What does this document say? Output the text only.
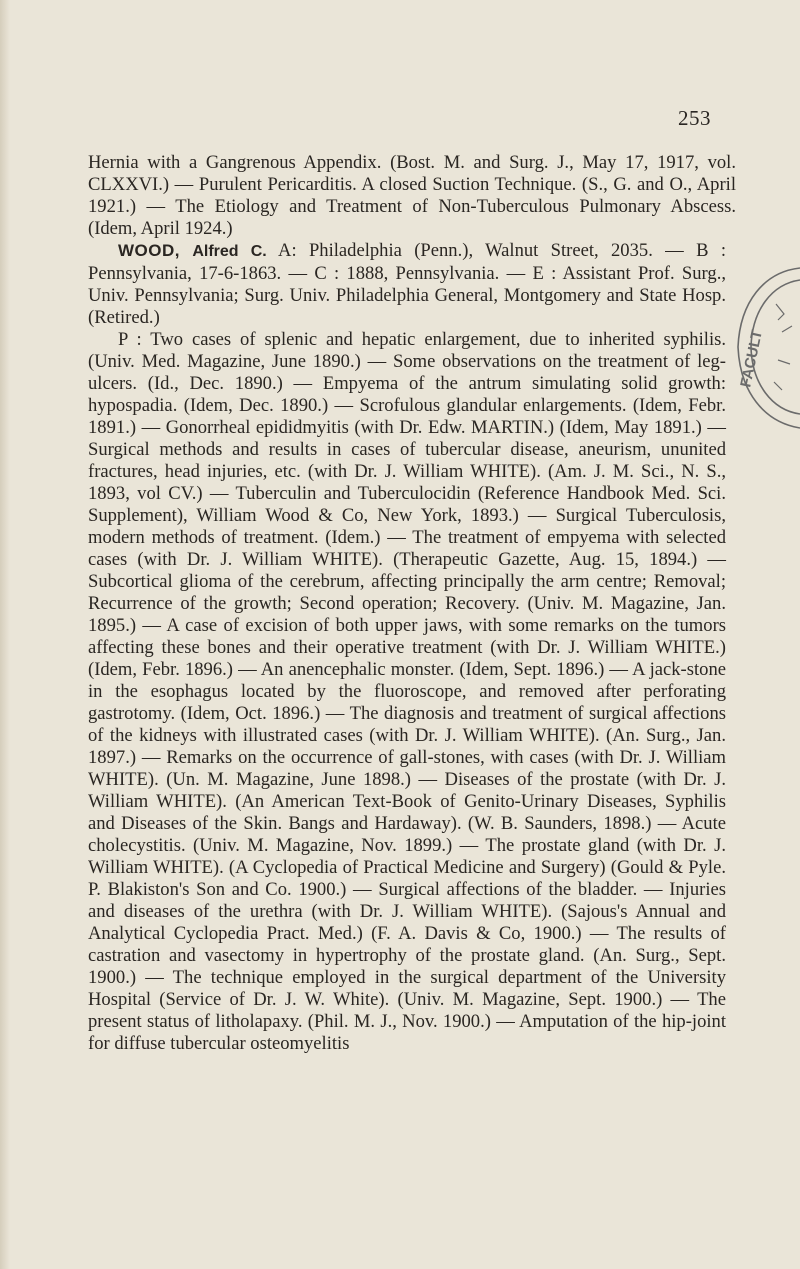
253

Hernia with a Gangrenous Appendix. (Bost. M. and Surg. J., May 17, 1917, vol. CLXXVI.) — Purulent Pericarditis. A closed Suction Technique. (S., G. and O., April 1921.) — The Etiology and Treatment of Non-Tuberculous Pulmonary Abscess. (Idem, April 1924.)

WOOD, Alfred C. A: Philadelphia (Penn.), Walnut Street, 2035. — B : Pennsylvania, 17-6-1863. — C : 1888, Pennsylvania. — E : Assistant Prof. Surg., Univ. Pennsylvania; Surg. Univ. Philadelphia General, Montgomery and State Hosp. (Retired.)

P : Two cases of splenic and hepatic enlargement, due to inherited syphilis. (Univ. Med. Magazine, June 1890.) — Some observations on the treatment of leg-ulcers. (Id., Dec. 1890.) — Empyema of the antrum simulating solid growth: hypospadia. (Idem, Dec. 1890.) — Scrofulous glandular enlargements. (Idem, Febr. 1891.) — Gonorrheal epididmyitis (with Dr. Edw. MARTIN.) (Idem, May 1891.) — Surgical methods and results in cases of tubercular disease, aneurism, ununited fractures, head injuries, etc. (with Dr. J. William WHITE). (Am. J. M. Sci., N. S., 1893, vol CV.) — Tuberculin and Tuberculocidin (Reference Handbook Med. Sci. Supplement), William Wood & Co, New York, 1893.) — Surgical Tuberculosis, modern methods of treatment. (Idem.) — The treatment of empyema with selected cases (with Dr. J. William WHITE). (Therapeutic Gazette, Aug. 15, 1894.) — Subcortical glioma of the cerebrum, affecting principally the arm centre; Removal; Recurrence of the growth; Second operation; Recovery. (Univ. M. Magazine, Jan. 1895.) — A case of excision of both upper jaws, with some remarks on the tumors affecting these bones and their operative treatment (with Dr. J. William WHITE.) (Idem, Febr. 1896.) — An anencephalic monster. (Idem, Sept. 1896.) — A jack-stone in the esophagus located by the fluoroscope, and removed after perforating gastrotomy. (Idem, Oct. 1896.) — The diagnosis and treatment of surgical affections of the kidneys with illustrated cases (with Dr. J. William WHITE). (An. Surg., Jan. 1897.) — Remarks on the occurrence of gall-stones, with cases (with Dr. J. William WHITE). (Un. M. Magazine, June 1898.) — Diseases of the prostate (with Dr. J. William WHITE). (An American Text-Book of Genito-Urinary Diseases, Syphilis and Diseases of the Skin. Bangs and Hardaway). (W. B. Saunders, 1898.) — Acute cholecystitis. (Univ. M. Magazine, Nov. 1899.) — The prostate gland (with Dr. J. William WHITE). (A Cyclopedia of Practical Medicine and Surgery) (Gould & Pyle. P. Blakiston's Son and Co. 1900.) — Surgical affections of the bladder. — Injuries and diseases of the urethra (with Dr. J. William WHITE). (Sajous's Annual and Analytical Cyclopedia Pract. Med.) (F. A. Davis & Co, 1900.) — The results of castration and vasectomy in hypertrophy of the prostate gland. (An. Surg., Sept. 1900.) — The technique employed in the surgical department of the University Hospital (Service of Dr. J. W. White). (Univ. M. Magazine, Sept. 1900.) — The present status of litholapaxy. (Phil. M. J., Nov. 1900.) — Amputation of the hip-joint for diffuse tubercular osteomyelitis

FACULT
